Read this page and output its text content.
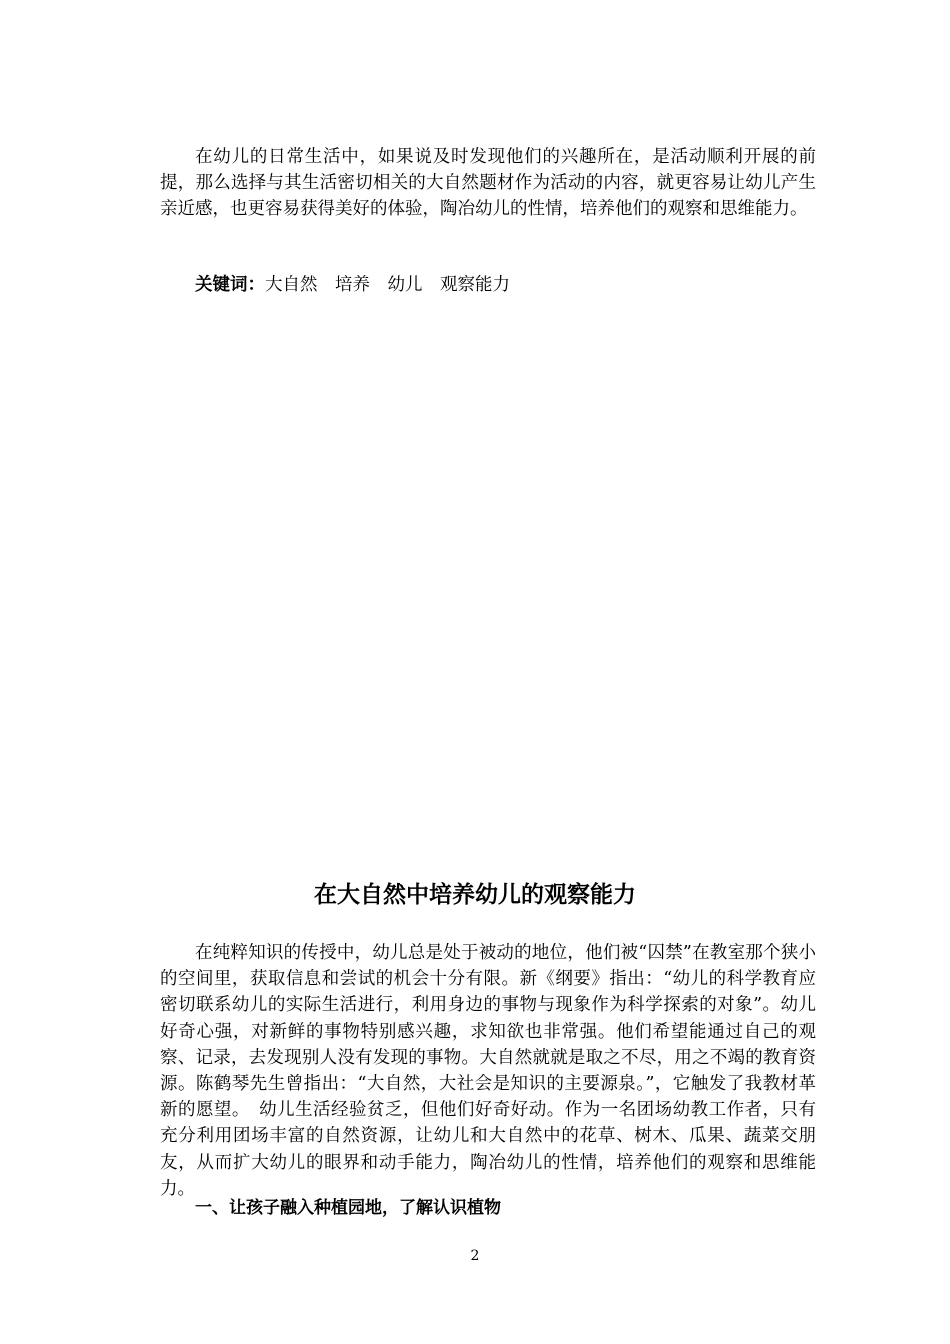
在幼儿的日常生活中，如果说及时发现他们的兴趣所在，是活动顺利开展的前提，那么选择与其生活密切相关的大自然题材作为活动的内容，就更容易让幼儿产生亲近感，也更容易获得美好的体验，陶冶幼儿的性情，培养他们的观察和思维能力。

关键词：大自然　培养　幼儿　观察能力

在大自然中培养幼儿的观察能力

在纯粹知识的传授中，幼儿总是处于被动的地位，他们被“囚禁”在教室那个狭小的空间里，获取信息和尝试的机会十分有限。新《纲要》指出：“幼儿的科学教育应密切联系幼儿的实际生活进行，利用身边的事物与现象作为科学探索的对象”。幼儿好奇心强，对新鲜的事物特别感兴趣，求知欲也非常强。他们希望能通过自己的观察、记录，去发现别人没有发现的事物。大自然就就是取之不尽，用之不竭的教育资源。陈鹤琴先生曾指出：“大自然，大社会是知识的主要源泉。”，它触发了我教材革新的愿望。　幼儿生活经验贫乏，但他们好奇好动。作为一名团场幼教工作者，只有充分利用团场丰富的自然资源，让幼儿和大自然中的花草、树木、瓜果、蔬菜交朋友，从而扩大幼儿的眼界和动手能力，陶冶幼儿的性情，培养他们的观察和思维能力。

一、让孩子融入种植园地，了解认识植物

2
